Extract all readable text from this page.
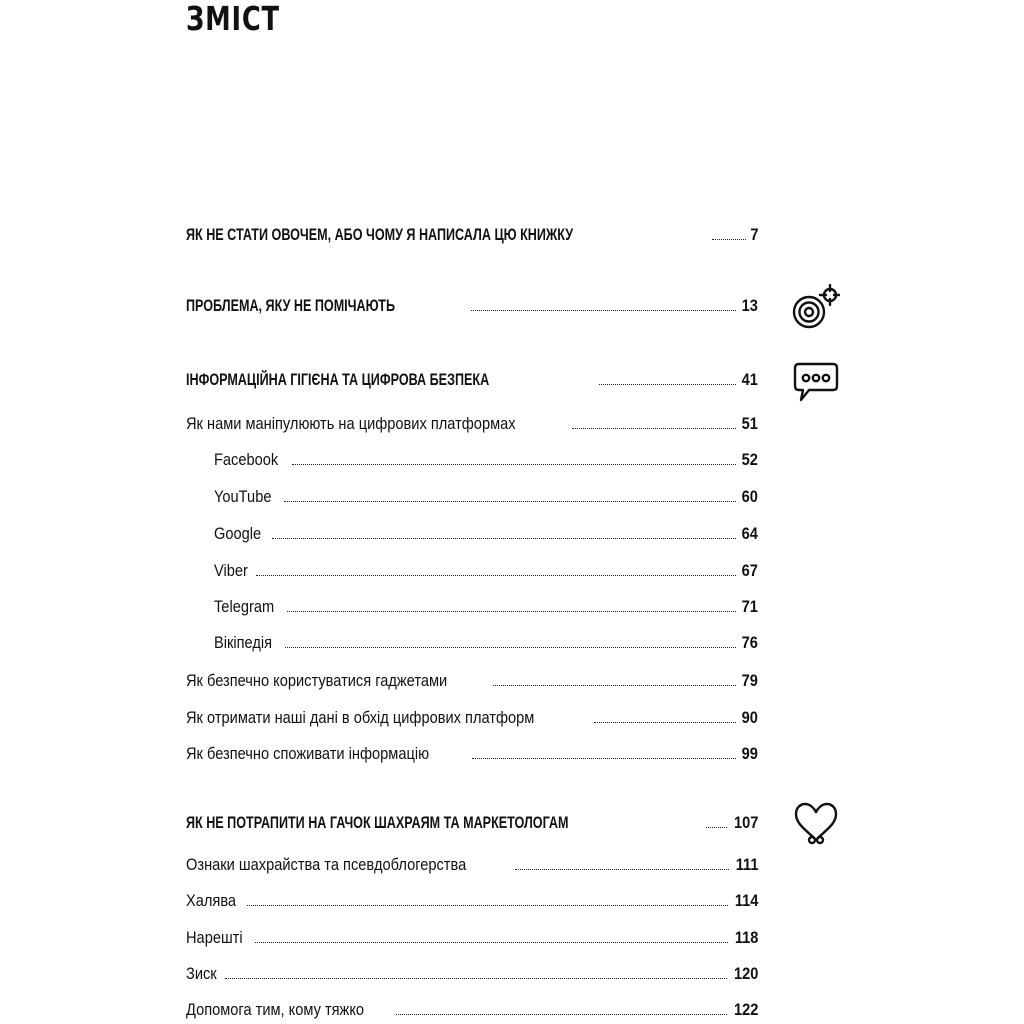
ЗМІСТ
ЯК НЕ СТАТИ ОВОЧЕМ, АБО ЧОМУ Я НАПИСАЛА ЦЮ КНИЖКУ	7
ПРОБЛЕМА, ЯКУ НЕ ПОМІЧАЮТЬ	13
ІНФОРМАЦІЙНА ГІГІЄНА ТА ЦИФРОВА БЕЗПЕКА	41
Як нами маніпулюють на цифрових платформах	51
Facebook	52
YouTube	60
Google	64
Viber	67
Telegram	71
Вікіпедія	76
Як безпечно користуватися гаджетами	79
Як отримати наші дані в обхід цифрових платформ	90
Як безпечно споживати інформацію	99
ЯК НЕ ПОТРАПИТИ НА ГАЧОК ШАХРАЯМ ТА МАРКЕТОЛОГАМ	107
Ознаки шахрайства та псевдоблогерства	111
Халява	114
Нарешті	118
Зиск	120
Допомога тим, кому тяжко	122
